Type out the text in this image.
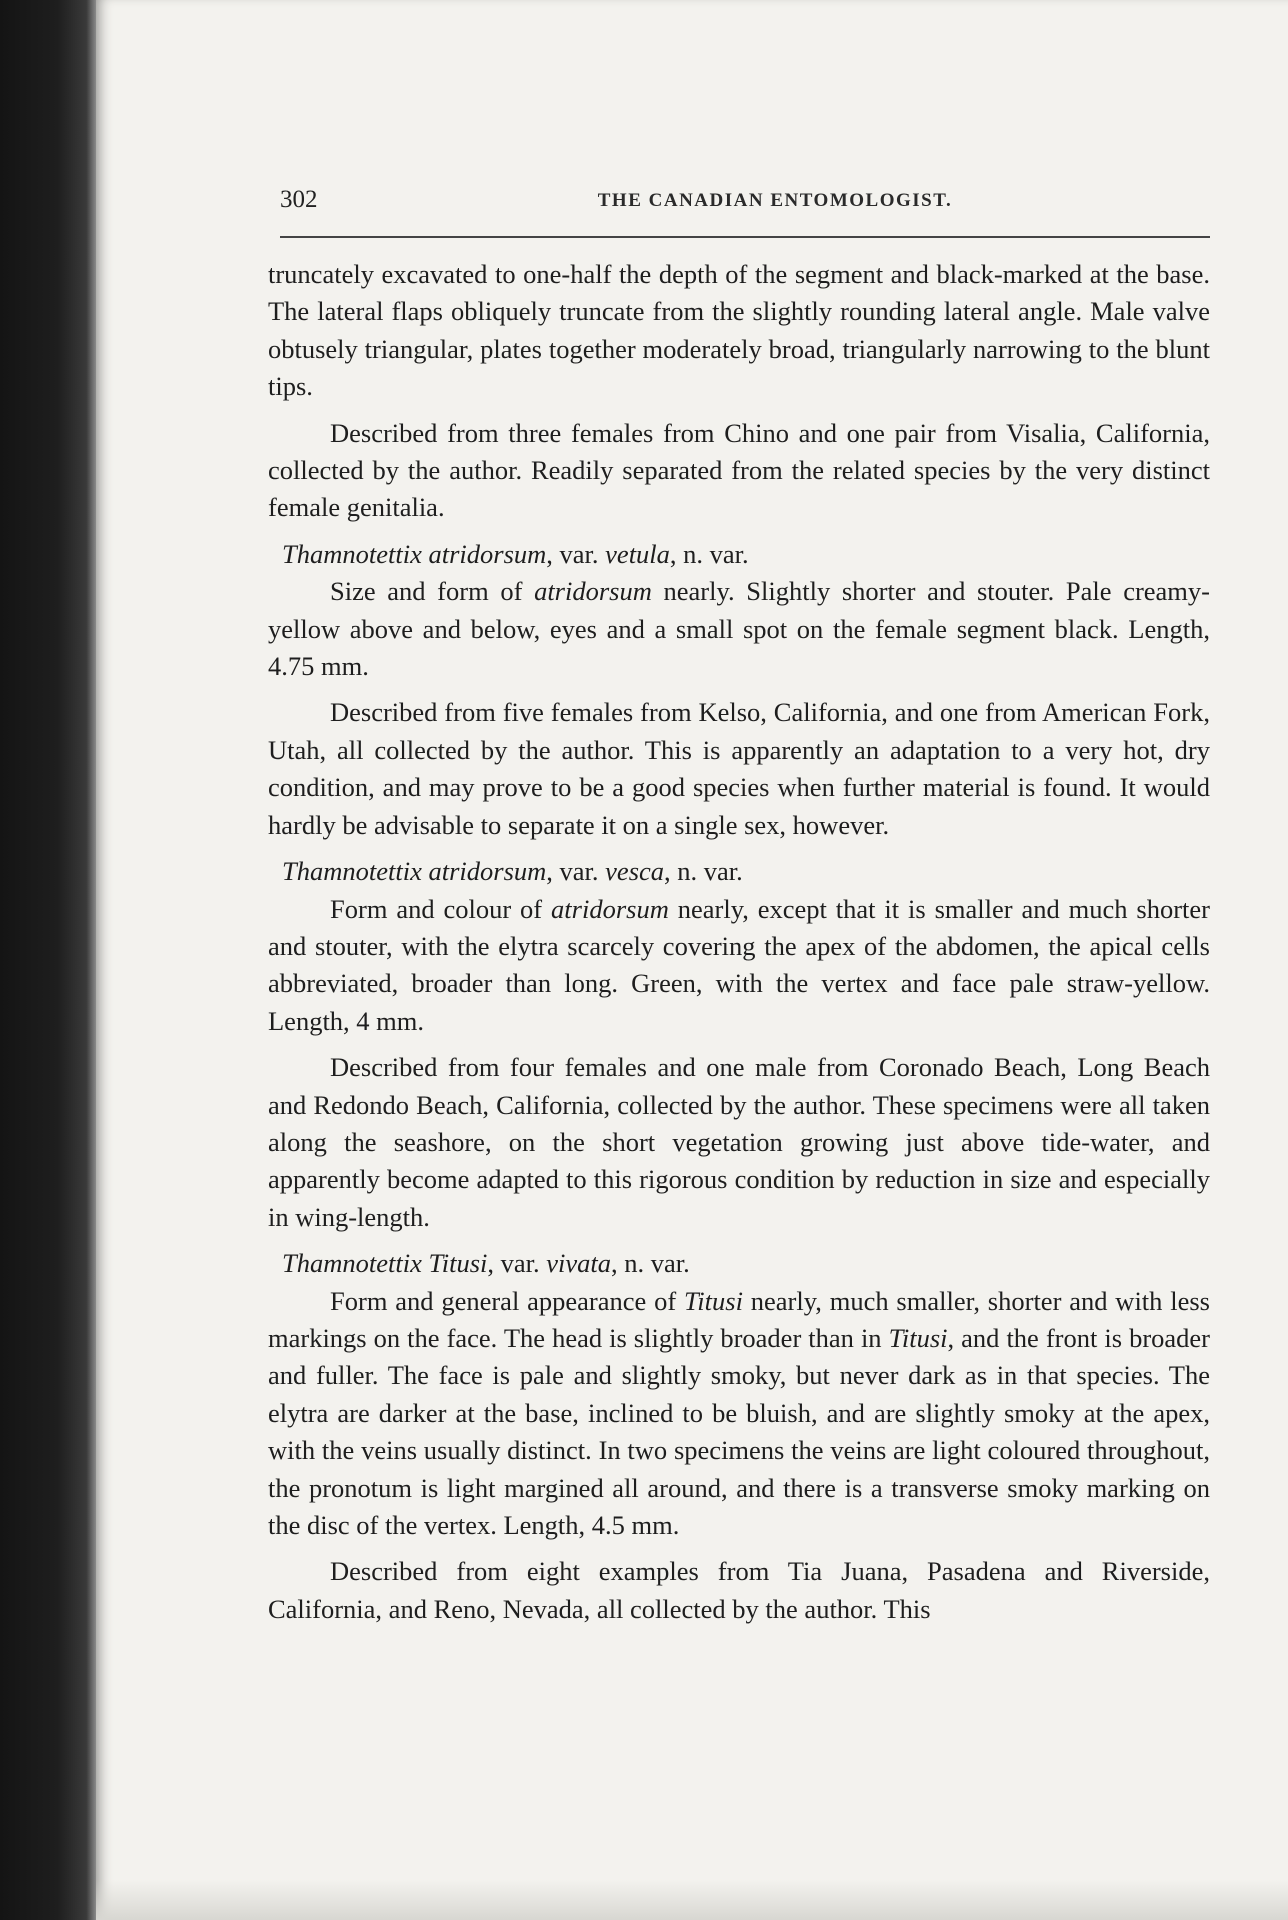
302	THE CANADIAN ENTOMOLOGIST.

truncately excavated to one-half the depth of the segment and black-marked at the base. The lateral flaps obliquely truncate from the slightly rounding lateral angle. Male valve obtusely triangular, plates together moderately broad, triangularly narrowing to the blunt tips.

Described from three females from Chino and one pair from Visalia, California, collected by the author. Readily separated from the related species by the very distinct female genitalia.

Thamnotettix atridorsum, var. vetula, n. var.

Size and form of atridorsum nearly. Slightly shorter and stouter. Pale creamy-yellow above and below, eyes and a small spot on the female segment black. Length, 4.75 mm.

Described from five females from Kelso, California, and one from American Fork, Utah, all collected by the author. This is apparently an adaptation to a very hot, dry condition, and may prove to be a good species when further material is found. It would hardly be advisable to separate it on a single sex, however.

Thamnotettix atridorsum, var. vesca, n. var.

Form and colour of atridorsum nearly, except that it is smaller and much shorter and stouter, with the elytra scarcely covering the apex of the abdomen, the apical cells abbreviated, broader than long. Green, with the vertex and face pale straw-yellow. Length, 4 mm.

Described from four females and one male from Coronado Beach, Long Beach and Redondo Beach, California, collected by the author. These specimens were all taken along the seashore, on the short vegetation growing just above tide-water, and apparently become adapted to this rigorous condition by reduction in size and especially in wing-length.

Thamnotettix Titusi, var. vivata, n. var.

Form and general appearance of Titusi nearly, much smaller, shorter and with less markings on the face. The head is slightly broader than in Titusi, and the front is broader and fuller. The face is pale and slightly smoky, but never dark as in that species. The elytra are darker at the base, inclined to be bluish, and are slightly smoky at the apex, with the veins usually distinct. In two specimens the veins are light coloured throughout, the pronotum is light margined all around, and there is a transverse smoky marking on the disc of the vertex. Length, 4.5 mm.

Described from eight examples from Tia Juana, Pasadena and Riverside, California, and Reno, Nevada, all collected by the author. This
